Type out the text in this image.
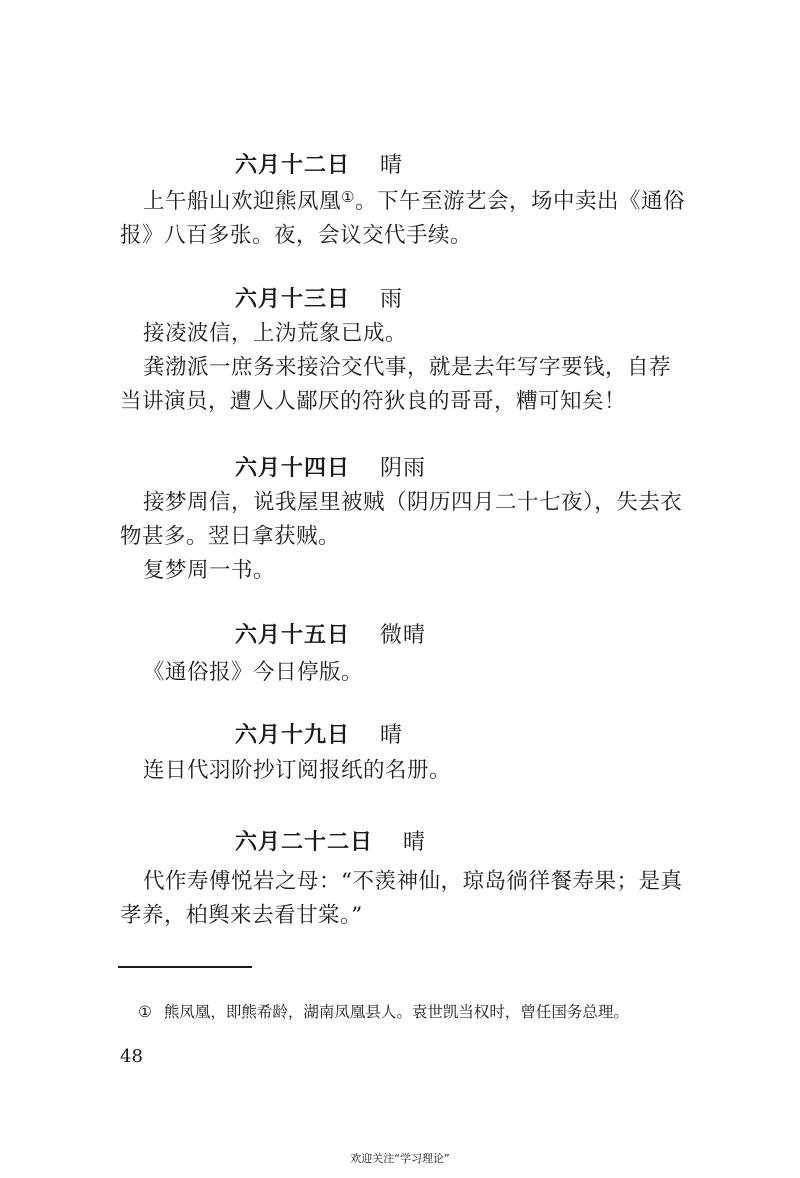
六月十二日 晴

上午船山欢迎熊凤凰①。下午至游艺会，场中卖出《通俗报》八百多张。夜，会议交代手续。

六月十三日 雨

接凌波信，上沩荒象已成。

龚渤派一庶务来接洽交代事，就是去年写字要钱，自荐当讲演员，遭人人鄙厌的符狄良的哥哥，糟可知矣！

六月十四日 阴雨

接梦周信，说我屋里被贼（阴历四月二十七夜），失去衣物甚多。翌日拿获贼。

复梦周一书。

六月十五日 微晴

《通俗报》今日停版。

六月十九日 晴

连日代羽阶抄订阅报纸的名册。

六月二十二日 晴

代作寿傅悦岩之母：“不羡神仙，琼岛徜徉餐寿果；是真孝养，柏舆来去看甘棠。”

① 熊凤凰，即熊希龄，湖南凤凰县人。袁世凯当权时，曾任国务总理。
48
欢迎关注“学习理论”
